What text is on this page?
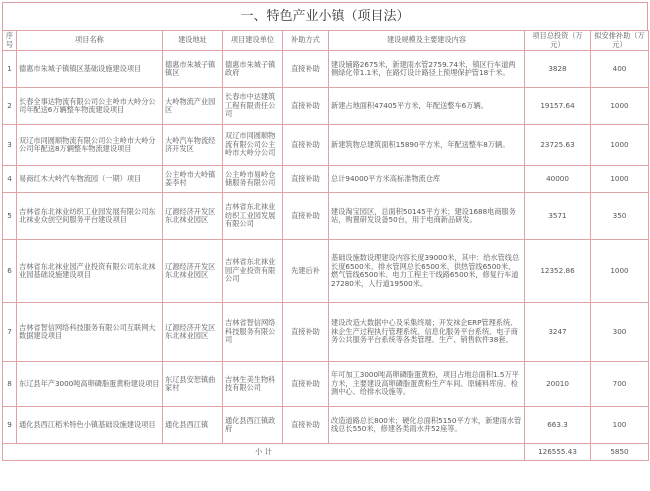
一、特色产业小镇（项目法）
序号	项目名称	建设地址	项目建设单位	补助方式	建设规模及主要建设内容	项目总投资（万元）	拟安排补助（万元）
1	德惠市朱城子镇镇区基础设施建设项目	德惠市朱城子镇镇区	德惠市朱城子镇政府	直接补助	建设铺路2675米，新建雨水管2759.74米，镇区行车道两侧绿化带1.1米，在路灯设计路径上预埋保护管18千米。	3828	400
2	长春全事达物流有限公司公主岭市大岭分公司年配送6万辆整车物流建设项目	大岭物流产业园区	长春市中达建筑工程有限责任公司	直接补助	新建占地面积47405平方米，年配送整车6万辆。	19157.64	1000
3	双辽市同圆顺物流有限公司公主岭市大岭分公司年配送8万辆整车物流建设项目	大岭汽车物流经济开发区	双辽市同圆顺物流有限公司公主岭市大岭分公司	直接补助	新建筑物总建筑面积15890平方米，年配送整车8万辆。	23725.63	1000
4	易商红木大岭汽车物流园（一期）项目	公主岭市大岭镇姜李村	公主岭市易岭仓储服务有限公司	直接补助	总计94000平方米高标准物流仓库	40000	1000
5	吉林省东北袜业纺织工业园发展有限公司东北袜业众创空间服务平台建设项目	辽源经济开发区东北袜业园区	吉林省东北袜业纺织工业园发展有限公司	直接补助	建设淘宝园区，总面积50145平方米；建设1688电商服务站，购置研发设备50台，用于电商新品研发。	3571	350
6	吉林省东北袜业园产业投资有限公司东北袜业园基础设施建设项目	辽源经济开发区东北袜业园区	吉林省东北袜业园产业投资有限公司	先建后补	基础设施数设理建设内容长度39000米，其中：给水管线总长度6500米、排水管网总长6500米、供热管线6500米、燃气管线6500米、电力工程主干线路6500米，修复行车道27280米，人行道19500米。	12352.86	1000
7	吉林省智信网络科技服务有限公司互联网大数据建设项目	辽源经济开发区东北袜业园区	吉林省智信网络科技服务有限公司	直接补助	建设改造大数据中心及采集终端；开发袜企ERP管理系统、袜企生产过程执行管理系统、信息化服务平台系统、电子商务公共服务平台系统等各类管理、生产、销售软件38套。	3247	300
8	东辽县年产3000吨高卵磷脂蛋黄粉建设项目	东辽县安恕镇曲家村	吉林生美生物科技有限公司	直接补助	年可加工3000吨高卵磷脂蛋黄粉，项目占地总面积1.5万平方米，主要建设高卵磷脂蛋黄粉生产车间、原辅料库房、检测中心、给排水设施等。	20010	700
9	通化县西江稻米特色小镇基础设施建设项目	通化县西江镇	通化县西江镇政府	直接补助	改造道路总长800米；硬化总面积5150平方米，新建雨水管线总长550米，修建各类雨水井52座等。	663.3	100
小 计						126555.43	5850
